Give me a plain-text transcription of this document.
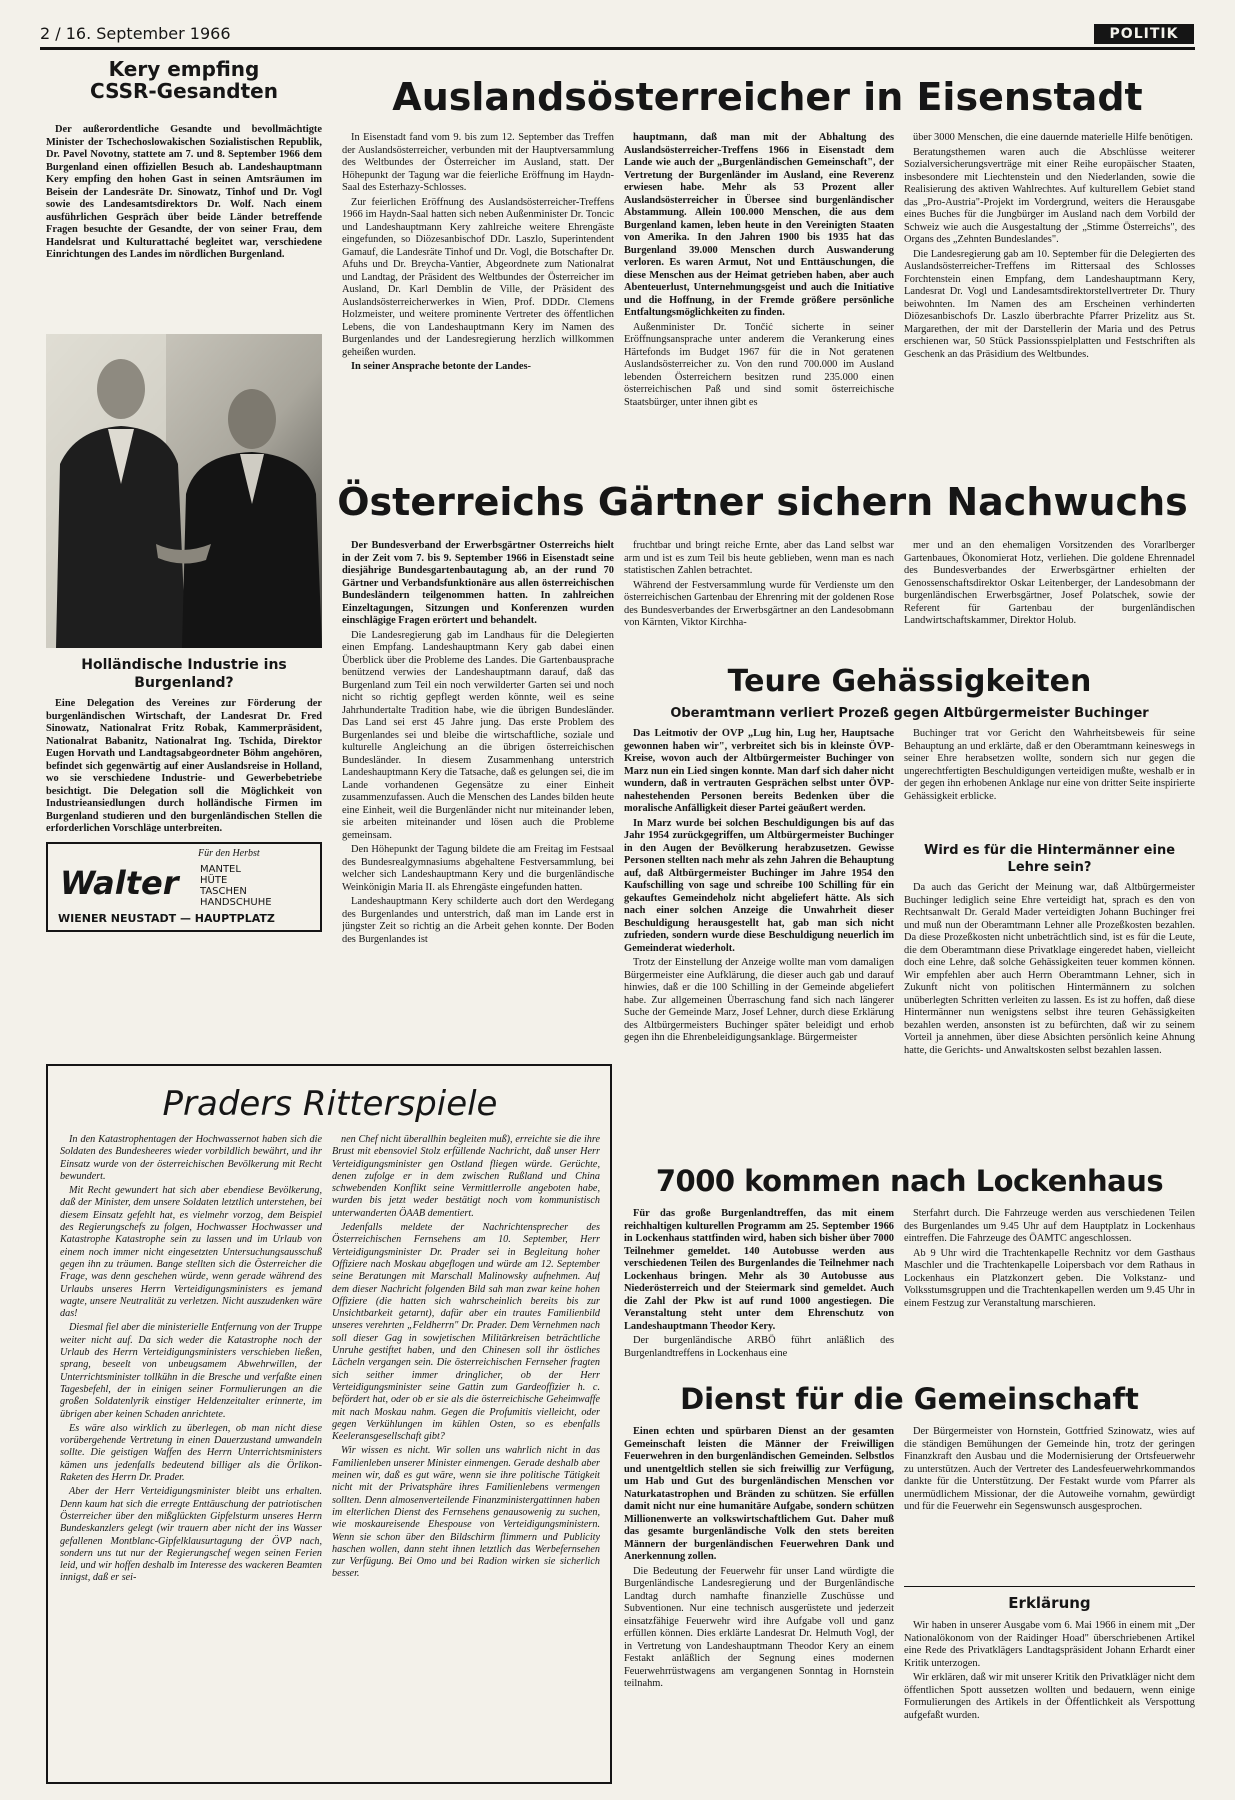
2 / 16. September 1966	POLITIK
Kery empfing
CSSR-Gesandten

Der außerordentliche Gesandte und bevollmächtigte Minister der Tschechoslowakischen Sozialistischen Republik, Dr. Pavel Novotny, stattete am 7. und 8. September 1966 dem Burgenland einen offiziellen Besuch ab. Landeshauptmann Kery empfing den hohen Gast in seinen Amtsräumen im Beisein der Landesräte Dr. Sinowatz, Tinhof und Dr. Vogl sowie des Landesamtsdirektors Dr. Wolf. Nach einem ausführlichen Gespräch über beide Länder betreffende Fragen besuchte der Gesandte, der von seiner Frau, dem Handelsrat und Kulturattaché begleitet war, verschiedene Einrichtungen des Landes im nördlichen Burgenland.

Holländische Industrie ins Burgenland?

Eine Delegation des Vereines zur Förderung der burgenländischen Wirtschaft, der Landesrat Dr. Fred Sinowatz, Nationalrat Fritz Robak, Kammerpräsident, Nationalrat Babanitz, Nationalrat Ing. Tschida, Direktor Eugen Horvath und Landtagsabgeordneter Böhm angehören, befindet sich gegenwärtig auf einer Auslandsreise in Holland, wo sie verschiedene Industrie- und Gewerbebetriebe besichtigt. Die Delegation soll die Möglichkeit von Industrieansiedlungen durch holländische Firmen im Burgenland studieren und den burgenländischen Stellen die erforderlichen Vorschläge unterbreiten.

Für den Herbst
Walter	MÄNTEL
HÜTE
TASCHEN
HANDSCHUHE
WIENER NEUSTADT — HAUPTPLATZ
Auslandsösterreicher in Eisenstadt

In Eisenstadt fand vom 9. bis zum 12. September das Treffen der Auslandsösterreicher, verbunden mit der Hauptversammlung des Weltbundes der Österreicher im Ausland, statt. Der Höhepunkt der Tagung war die feierliche Eröffnung im Haydn-Saal des Esterhazy-Schlosses.

Zur feierlichen Eröffnung des Auslandsösterreicher-Treffens 1966 im Haydn-Saal hatten sich neben Außenminister Dr. Toncic und Landeshauptmann Kery zahlreiche weitere Ehrengäste eingefunden, so Diözesanbischof DDr. Laszlo, Superintendent Gamauf, die Landesräte Tinhof und Dr. Vogl, die Botschafter Dr. Afuhs und Dr. Breycha-Vantier, Abgeordnete zum Nationalrat und Landtag, der Präsident des Weltbundes der Österreicher im Ausland, Dr. Karl Demblin de Ville, der Präsident des Auslandsösterreicherwerkes in Wien, Prof. DDDr. Clemens Holzmeister, und weitere prominente Vertreter des öffentlichen Lebens, die von Landeshauptmann Kery im Namen des Burgenlandes und der Landesregierung herzlich willkommen geheißen wurden.

In seiner Ansprache betonte der Landes-

hauptmann, daß man mit der Abhaltung des Auslandsösterreicher-Treffens 1966 in Eisenstadt dem Lande wie auch der „Burgenländischen Gemeinschaft", der Vertretung der Burgenländer im Ausland, eine Reverenz erwiesen habe. Mehr als 53 Prozent aller Auslandsösterreicher in Übersee sind burgenländischer Abstammung. Allein 100.000 Menschen, die aus dem Burgenland kamen, leben heute in den Vereinigten Staaten von Amerika. In den Jahren 1900 bis 1935 hat das Burgenland 39.000 Menschen durch Auswanderung verloren. Es waren Armut, Not und Enttäuschungen, die diese Menschen aus der Heimat getrieben haben, aber auch Abenteuerlust, Unternehmungsgeist und auch die Initiative und die Hoffnung, in der Fremde größere persönliche Entfaltungsmöglichkeiten zu finden.

Außenminister Dr. Tončić sicherte in seiner Eröffnungsansprache unter anderem die Verankerung eines Härtefonds im Budget 1967 für die in Not geratenen Auslandsösterreicher zu. Von den rund 700.000 im Ausland lebenden Österreichern besitzen rund 235.000 einen österreichischen Paß und sind somit österreichische Staatsbürger, unter ihnen gibt es

über 3000 Menschen, die eine dauernde materielle Hilfe benötigen.

Beratungsthemen waren auch die Abschlüsse weiterer Sozialversicherungsverträge mit einer Reihe europäischer Staaten, insbesondere mit Liechtenstein und den Niederlanden, sowie die Realisierung des aktiven Wahlrechtes. Auf kulturellem Gebiet stand das „Pro-Austria"-Projekt im Vordergrund, weiters die Herausgabe eines Buches für die Jungbürger im Ausland nach dem Vorbild der Schweiz wie auch die Ausgestaltung der „Stimme Österreichs", des Organs des „Zehnten Bundeslandes".

Die Landesregierung gab am 10. September für die Delegierten des Auslandsösterreicher-Treffens im Rittersaal des Schlosses Forchtenstein einen Empfang, dem Landeshauptmann Kery, Landesrat Dr. Vogl und Landesamtsdirektorstellvertreter Dr. Thury beiwohnten. Im Namen des am Erscheinen verhinderten Diözesanbischofs Dr. Laszlo überbrachte Pfarrer Prizelitz aus St. Margarethen, der mit der Darstellerin der Maria und des Petrus erschienen war, 50 Stück Passionsspielplatten und Festschriften als Geschenk an das Präsidium des Weltbundes.

Österreichs Gärtner sichern Nachwuchs

Der Bundesverband der Erwerbsgärtner Österreichs hielt in der Zeit vom 7. bis 9. September 1966 in Eisenstadt seine diesjährige Bundesgartenbautagung ab, an der rund 70 Gärtner und Verbandsfunktionäre aus allen österreichischen Bundesländern teilgenommen hatten. In zahlreichen Einzeltagungen, Sitzungen und Konferenzen wurden einschlägige Fragen erörtert und behandelt.

Die Landesregierung gab im Landhaus für die Delegierten einen Empfang. Landeshauptmann Kery gab dabei einen Überblick über die Probleme des Landes. Die Gartenbausprache benützend verwies der Landeshauptmann darauf, daß das Burgenland zum Teil ein noch verwilderter Garten sei und noch nicht so richtig gepflegt werden könnte, weil es seine Jahrhundertalte Tradition habe, wie die übrigen Bundesländer. Das Land sei erst 45 Jahre jung. Das erste Problem des Burgenlandes sei und bleibe die wirtschaftliche, soziale und kulturelle Angleichung an die übrigen österreichischen Bundesländer. In diesem Zusammenhang unterstrich Landeshauptmann Kery die Tatsache, daß es gelungen sei, die im Lande vorhandenen Gegensätze zu einer Einheit zusammenzufassen. Auch die Menschen des Landes bilden heute eine Einheit, weil die Burgenländer nicht nur miteinander leben, sie arbeiten miteinander und lösen auch die Probleme gemeinsam.

Den Höhepunkt der Tagung bildete die am Freitag im Festsaal des Bundesrealgymnasiums abgehaltene Festversammlung, bei welcher sich Landeshauptmann Kery und die burgenländische Weinkönigin Maria II. als Ehrengäste eingefunden hatten.

Landeshauptmann Kery schilderte auch dort den Werdegang des Burgenlandes und unterstrich, daß man im Lande erst in jüngster Zeit so richtig an die Arbeit gehen konnte. Der Boden des Burgenlandes ist

fruchtbar und bringt reiche Ernte, aber das Land selbst war arm und ist es zum Teil bis heute geblieben, wenn man es nach statistischen Zahlen betrachtet.

Während der Festversammlung wurde für Verdienste um den österreichischen Gartenbau der Ehrenring mit der goldenen Rose des Bundesverbandes der Erwerbsgärtner an den Landesobmann von Kärnten, Viktor Kirchha-

mer und an den ehemaligen Vorsitzenden des Vorarlberger Gartenbaues, Ökonomierat Hotz, verliehen. Die goldene Ehrennadel des Bundesverbandes der Erwerbsgärtner erhielten der Genossenschaftsdirektor Oskar Leitenberger, der Landesobmann der burgenländischen Erwerbsgärtner, Josef Polatschek, sowie der Referent für Gartenbau der burgenländischen Landwirtschaftskammer, Direktor Holub.

Teure Gehässigkeiten
Oberamtmann verliert Prozeß gegen Altbürgermeister Buchinger

Das Leitmotiv der ÖVP „Lug hin, Lug her, Hauptsache gewonnen haben wir", verbreitet sich bis in kleinste ÖVP-Kreise, wovon auch der Altbürgermeister Buchinger von Marz nun ein Lied singen konnte. Man darf sich daher nicht wundern, daß in vertrauten Gesprächen selbst unter ÖVP-nahestehenden Personen bereits Bedenken über die moralische Anfälligkeit dieser Partei geäußert werden.

In Marz wurde bei solchen Beschuldigungen bis auf das Jahr 1954 zurückgegriffen, um Altbürgermeister Buchinger in den Augen der Bevölkerung herabzusetzen. Gewisse Personen stellten nach mehr als zehn Jahren die Behauptung auf, daß Altbürgermeister Buchinger im Jahre 1954 den Kaufschilling von sage und schreibe 100 Schilling für ein gekauftes Gemeindeholz nicht abgeliefert hätte. Als sich nach einer solchen Anzeige die Unwahrheit dieser Beschuldigung herausgestellt hat, gab man sich nicht zufrieden, sondern wurde diese Beschuldigung neuerlich im Gemeinderat wiederholt.

Trotz der Einstellung der Anzeige wollte man vom damaligen Bürgermeister eine Aufklärung, die dieser auch gab und darauf hinwies, daß er die 100 Schilling in der Gemeinde abgeliefert habe. Zur allgemeinen Überraschung fand sich nach längerer Suche der Gemeinde Marz, Josef Lehner, durch diese Erklärung des Altbürgermeisters Buchinger später beleidigt und erhob gegen ihn die Ehrenbeleidigungsanklage. Bürgermeister

Buchinger trat vor Gericht den Wahrheitsbeweis für seine Behauptung an und erklärte, daß er den Oberamtmann keineswegs in seiner Ehre herabsetzen wollte, sondern sich nur gegen die ungerechtfertigten Beschuldigungen verteidigen mußte, weshalb er in der gegen ihn erhobenen Anklage nur eine von dritter Seite inspirierte Gehässigkeit erblicke.

Wird es für die Hintermänner eine Lehre sein?

Da auch das Gericht der Meinung war, daß Altbürgermeister Buchinger lediglich seine Ehre verteidigt hat, sprach es den von Rechtsanwalt Dr. Gerald Mader verteidigten Johann Buchinger frei und muß nun der Oberamtmann Lehner alle Prozeßkosten bezahlen. Da diese Prozeßkosten nicht unbeträchtlich sind, ist es für die Leute, die dem Oberamtmann diese Privatklage eingeredet haben, vielleicht doch eine Lehre, daß solche Gehässigkeiten teuer kommen können. Wir empfehlen aber auch Herrn Oberamtmann Lehner, sich in Zukunft nicht von politischen Hintermännern zu solchen unüberlegten Schritten verleiten zu lassen. Es ist zu hoffen, daß diese Hintermänner nun wenigstens selbst ihre teuren Gehässigkeiten bezahlen werden, ansonsten ist zu befürchten, daß wir zu seinem Vorteil ja annehmen, über diese Absichten persönlich keine Ahnung hatte, die Gerichts- und Anwaltskosten selbst bezahlen lassen.

Praders Ritterspiele

In den Katastrophentagen der Hochwassernot haben sich die Soldaten des Bundesheeres wieder vorbildlich bewährt, und ihr Einsatz wurde von der österreichischen Bevölkerung mit Recht bewundert.

Mit Recht gewundert hat sich aber ebendiese Bevölkerung, daß der Minister, dem unsere Soldaten letztlich unterstehen, bei diesem Einsatz gefehlt hat, es vielmehr vorzog, dem Beispiel des Regierungschefs zu folgen, Hochwasser Hochwasser und Katastrophe Katastrophe sein zu lassen und im Urlaub von einem noch immer nicht eingesetzten Untersuchungsausschuß gegen ihn zu träumen. Bange stellten sich die Österreicher die Frage, was denn geschehen würde, wenn gerade während des Urlaubs unseres Herrn Verteidigungsministers es jemand wagte, unsere Neutralität zu verletzen. Nicht auszudenken wäre das!

Diesmal fiel aber die ministerielle Entfernung von der Truppe weiter nicht auf. Da sich weder die Katastrophe noch der Urlaub des Herrn Verteidigungsministers verschieben ließen, sprang, beseelt von unbeugsamem Abwehrwillen, der Unterrichtsminister tollkühn in die Bresche und verfaßte einen Tagesbefehl, der in einigen seiner Formulierungen an die großen Soldatenlyrik einstiger Heldenzeitalter erinnerte, im übrigen aber keinen Schaden anrichtete.

Es wäre also wirklich zu überlegen, ob man nicht diese vorübergehende Vertretung in einen Dauerzustand umwandeln sollte. Die geistigen Waffen des Herrn Unterrichtsministers kämen uns jedenfalls bedeutend billiger als die Örlikon-Raketen des Herrn Dr. Prader.

Aber der Herr Verteidigungsminister bleibt uns erhalten. Denn kaum hat sich die erregte Enttäuschung der patriotischen Österreicher über den mißglückten Gipfelsturm unseres Herrn Bundeskanzlers gelegt (wir trauern aber nicht der ins Wasser gefallenen Montblanc-Gipfelklausurtagung der ÖVP nach, sondern uns tut nur der Regierungschef wegen seinen Ferien leid, und wir hoffen deshalb im Interesse des wackeren Beamten innigst, daß er sei-

nen Chef nicht überallhin begleiten muß), erreichte sie die ihre Brust mit ebensoviel Stolz erfüllende Nachricht, daß unser Herr Verteidigungsminister gen Ostland fliegen würde. Gerüchte, denen zufolge er in dem zwischen Rußland und China schwebenden Konflikt seine Vermittlerrolle angeboten habe, wurden bis jetzt weder bestätigt noch vom kommunistisch unterwanderten ÖAAB dementiert.

Jedenfalls meldete der Nachrichtensprecher des Österreichischen Fernsehens am 10. September, Herr Verteidigungsminister Dr. Prader sei in Begleitung hoher Offiziere nach Moskau abgeflogen und würde am 12. September seine Beratungen mit Marschall Malinowsky aufnehmen. Auf dem dieser Nachricht folgenden Bild sah man zwar keine hohen Offiziere (die hatten sich wahrscheinlich bereits bis zur Unsichtbarkeit getarnt), dafür aber ein trautes Familienbild unseres verehrten „Feldherrn" Dr. Prader. Dem Vernehmen nach soll dieser Gag in sowjetischen Militärkreisen beträchtliche Unruhe gestiftet haben, und den Chinesen soll ihr östliches Lächeln vergangen sein. Die österreichischen Fernseher fragten sich seither immer dringlicher, ob der Herr Verteidigungsminister seine Gattin zum Gardeoffizier h. c. befördert hat, oder ob er sie als die österreichische Geheimwaffe mit nach Moskau nahm. Gegen die Profumitis vielleicht, oder gegen Verkühlungen im kühlen Osten, so es ebenfalls Keeleransgesellschaft gibt?

Wir wissen es nicht. Wir sollen uns wahrlich nicht in das Familienleben unserer Minister einmengen. Gerade deshalb aber meinen wir, daß es gut wäre, wenn sie ihre politische Tätigkeit nicht mit der Privatsphäre ihres Familienlebens vermengen sollten. Denn almosenverteilende Finanzministergattinnen haben im elterlichen Dienst des Fernsehens genausowenig zu suchen, wie moskaureisende Ehespouse von Verteidigungsministern. Wenn sie schon über den Bildschirm flimmern und Publicity haschen wollen, dann steht ihnen letztlich das Werbefernsehen zur Verfügung. Bei Omo und bei Radion wirken sie sicherlich besser.

7000 kommen nach Lockenhaus

Für das große Burgenlandtreffen, das mit einem reichhaltigen kulturellen Programm am 25. September 1966 in Lockenhaus stattfinden wird, haben sich bisher über 7000 Teilnehmer gemeldet. 140 Autobusse werden aus verschiedenen Teilen des Burgenlandes die Teilnehmer nach Lockenhaus bringen. Mehr als 30 Autobusse aus Niederösterreich und der Steiermark sind gemeldet. Auch die Zahl der Pkw ist auf rund 1000 angestiegen. Die Veranstaltung steht unter dem Ehrenschutz von Landeshauptmann Theodor Kery.

Der burgenländische ARBÖ führt anläßlich des Burgenlandtreffens in Lockenhaus eine

Sterfahrt durch. Die Fahrzeuge werden aus verschiedenen Teilen des Burgenlandes um 9.45 Uhr auf dem Hauptplatz in Lockenhaus eintreffen. Die Fahrzeuge des ÖAMTC angeschlossen.

Ab 9 Uhr wird die Trachtenkapelle Rechnitz vor dem Gasthaus Maschler und die Trachtenkapelle Loipersbach vor dem Rathaus in Lockenhaus ein Platzkonzert geben. Die Volkstanz- und Volksstumsgruppen und die Trachtenkapellen werden um 9.45 Uhr in einem Festzug zur Veranstaltung marschieren.

Dienst für die Gemeinschaft

Einen echten und spürbaren Dienst an der gesamten Gemeinschaft leisten die Männer der Freiwilligen Feuerwehren in den burgenländischen Gemeinden. Selbstlos und unentgeltlich stellen sie sich freiwillig zur Verfügung, um Hab und Gut des burgenländischen Menschen vor Naturkatastrophen und Bränden zu schützen. Sie erfüllen damit nicht nur eine humanitäre Aufgabe, sondern schützen Millionenwerte an volkswirtschaftlichem Gut. Daher muß das gesamte burgenländische Volk den stets bereiten Männern der burgenländischen Feuerwehren Dank und Anerkennung zollen.

Die Bedeutung der Feuerwehr für unser Land würdigte die Burgenländische Landesregierung und der Burgenländische Landtag durch namhafte finanzielle Zuschüsse und Subventionen. Nur eine technisch ausgerüstete und jederzeit einsatzfähige Feuerwehr wird ihre Aufgabe voll und ganz erfüllen können. Dies erklärte Landesrat Dr. Helmuth Vogl, der in Vertretung von Landeshauptmann Theodor Kery an einem Festakt anläßlich der Segnung eines modernen Feuerwehrrüstwagens am vergangenen Sonntag in Hornstein teilnahm.

Der Bürgermeister von Hornstein, Gottfried Szinowatz, wies auf die ständigen Bemühungen der Gemeinde hin, trotz der geringen Finanzkraft den Ausbau und die Modernisierung der Ortsfeuerwehr zu unterstützen. Auch der Vertreter des Landesfeuerwehrkommandos dankte für die Unterstützung. Der Festakt wurde vom Pfarrer als unermüdlichem Missionar, der die Autoweihe vornahm, gewürdigt und für die Feuerwehr ein Segenswunsch ausgesprochen.

Erklärung

Wir haben in unserer Ausgabe vom 6. Mai 1966 in einem mit „Der Nationalökonom von der Raidinger Hoad" überschriebenen Artikel eine Rede des Privatklägers Landtagspräsident Johann Erhardt einer Kritik unterzogen.

Wir erklären, daß wir mit unserer Kritik den Privatkläger nicht dem öffentlichen Spott aussetzen wollten und bedauern, wenn einige Formulierungen des Artikels in der Öffentlichkeit als Verspottung aufgefaßt wurden.
